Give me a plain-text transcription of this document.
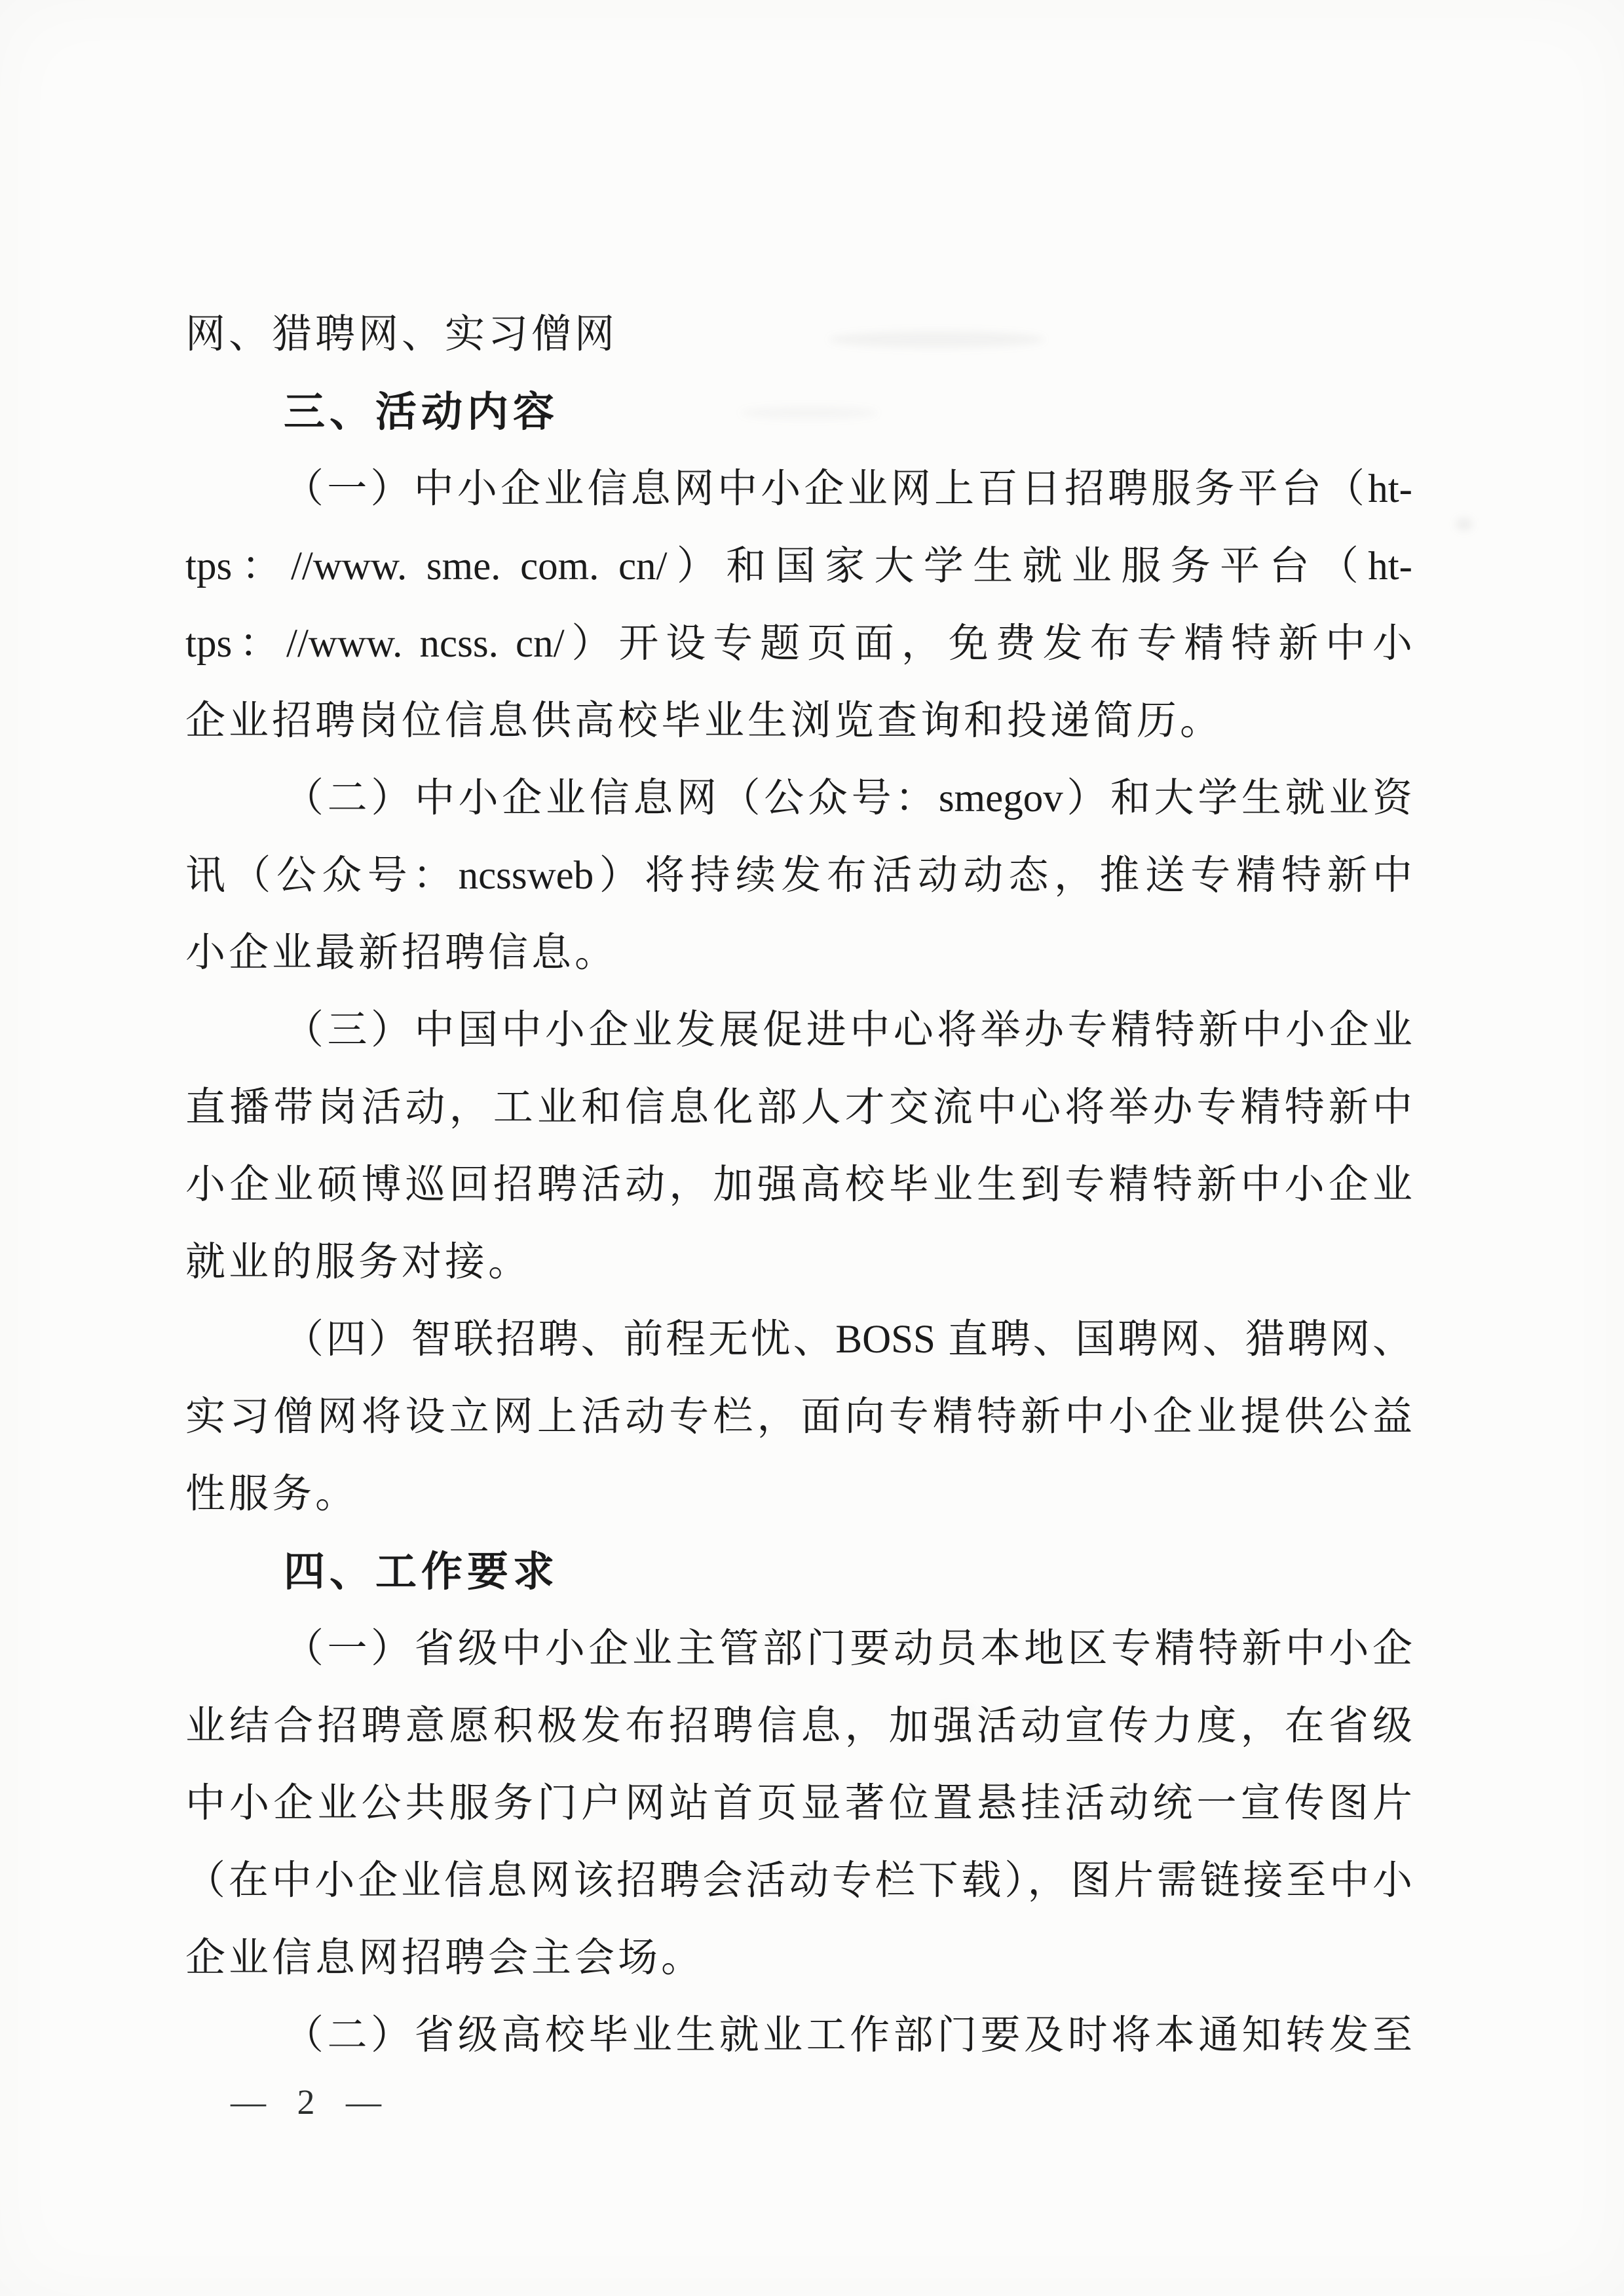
网、猎聘网、实习僧网
三、活动内容
（一）中小企业信息网中小企业网上百日招聘服务平台（ht-
tps：//www. sme. com. cn/）和国家大学生就业服务平台（ht-
tps：//www. ncss. cn/）开设专题页面，免费发布专精特新中小
企业招聘岗位信息供高校毕业生浏览查询和投递简历。
（二）中小企业信息网（公众号：smegov）和大学生就业资
讯（公众号：ncssweb）将持续发布活动动态，推送专精特新中
小企业最新招聘信息。
（三）中国中小企业发展促进中心将举办专精特新中小企业
直播带岗活动，工业和信息化部人才交流中心将举办专精特新中
小企业硕博巡回招聘活动，加强高校毕业生到专精特新中小企业
就业的服务对接。
（四）智联招聘、前程无忧、BOSS 直聘、国聘网、猎聘网、
实习僧网将设立网上活动专栏，面向专精特新中小企业提供公益
性服务。
四、工作要求
（一）省级中小企业主管部门要动员本地区专精特新中小企
业结合招聘意愿积极发布招聘信息，加强活动宣传力度，在省级
中小企业公共服务门户网站首页显著位置悬挂活动统一宣传图片
（在中小企业信息网该招聘会活动专栏下载），图片需链接至中小
企业信息网招聘会主会场。
（二）省级高校毕业生就业工作部门要及时将本通知转发至
— 2 —
